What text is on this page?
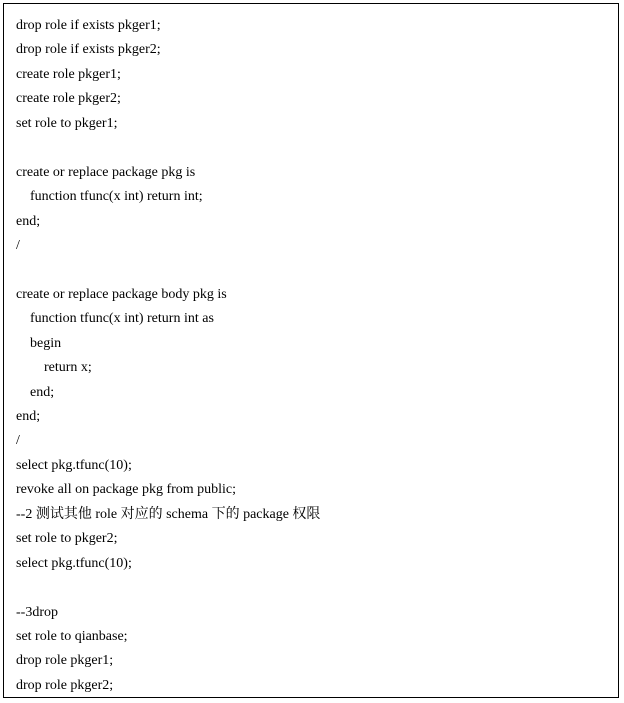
drop role if exists pkger1;
drop role if exists pkger2;
create role pkger1;
create role pkger2;
set role to pkger1;
create or replace package pkg is
function tfunc(x int) return int;
end;
/
create or replace package body pkg is
function tfunc(x int) return int as
begin
return x;
end;
end;
/
select pkg.tfunc(10);
revoke all on package pkg from public;
--2 测试其他 role 对应的 schema 下的 package 权限
set role to pkger2;
select pkg.tfunc(10);
--3drop
set role to qianbase;
drop role pkger1;
drop role pkger2;
